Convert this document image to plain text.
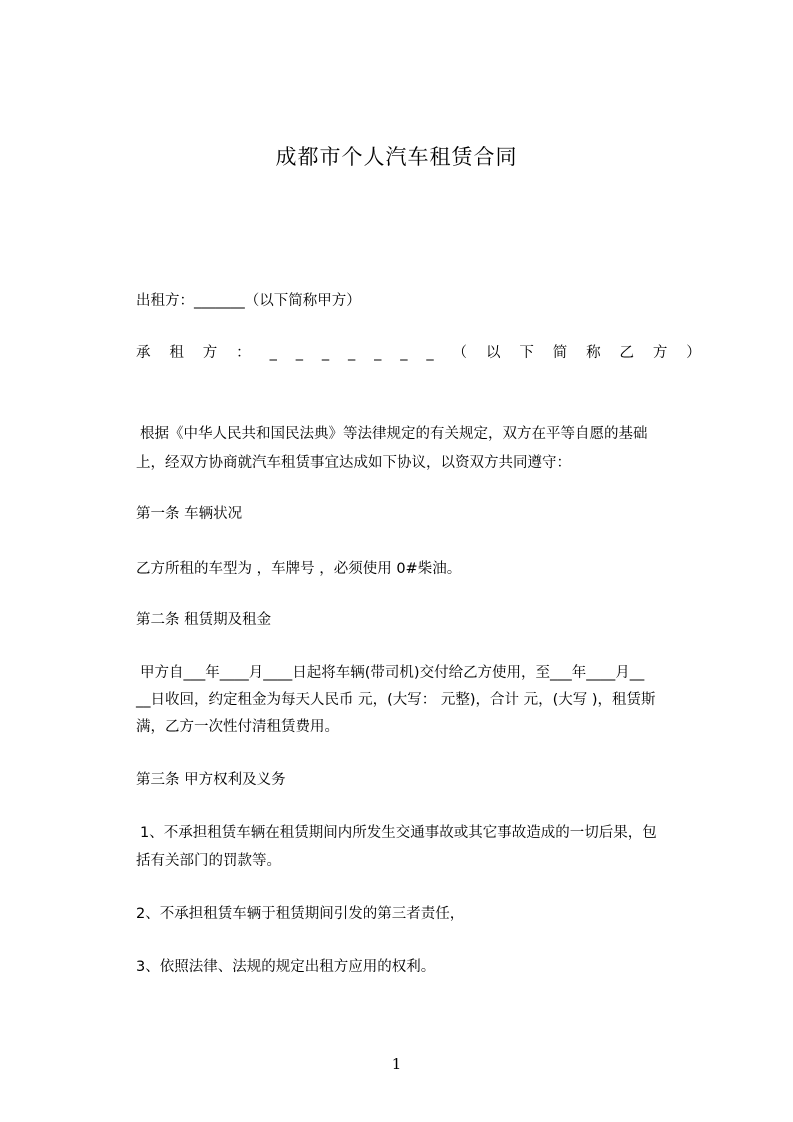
成都市个人汽车租赁合同
出租方：_______（以下简称甲方）
承 租 方 ： _ _ _ _ _ _ _ （ 以 下 简 称 乙 方 ）
根据《中华人民共和国民法典》等法律规定的有关规定，双方在平等自愿的基础
上，经双方协商就汽车租赁事宜达成如下协议，以资双方共同遵守：
第一条 车辆状况
乙方所租的车型为 ，车牌号 ，必须使用 0#柴油。
第二条 租赁期及租金
甲方自___年____月____日起将车辆(带司机)交付给乙方使用，至___年____月__
__日收回，约定租金为每天人民币 元，(大写： 元整)，合计 元，(大写 )，租赁斯
满，乙方一次性付清租赁费用。
第三条 甲方权利及义务
1、不承担租赁车辆在租赁期间内所发生交通事故或其它事故造成的一切后果，包
括有关部门的罚款等。
2、不承担租赁车辆于租赁期间引发的第三者责任，
3、依照法律、法规的规定出租方应用的权利。
1
